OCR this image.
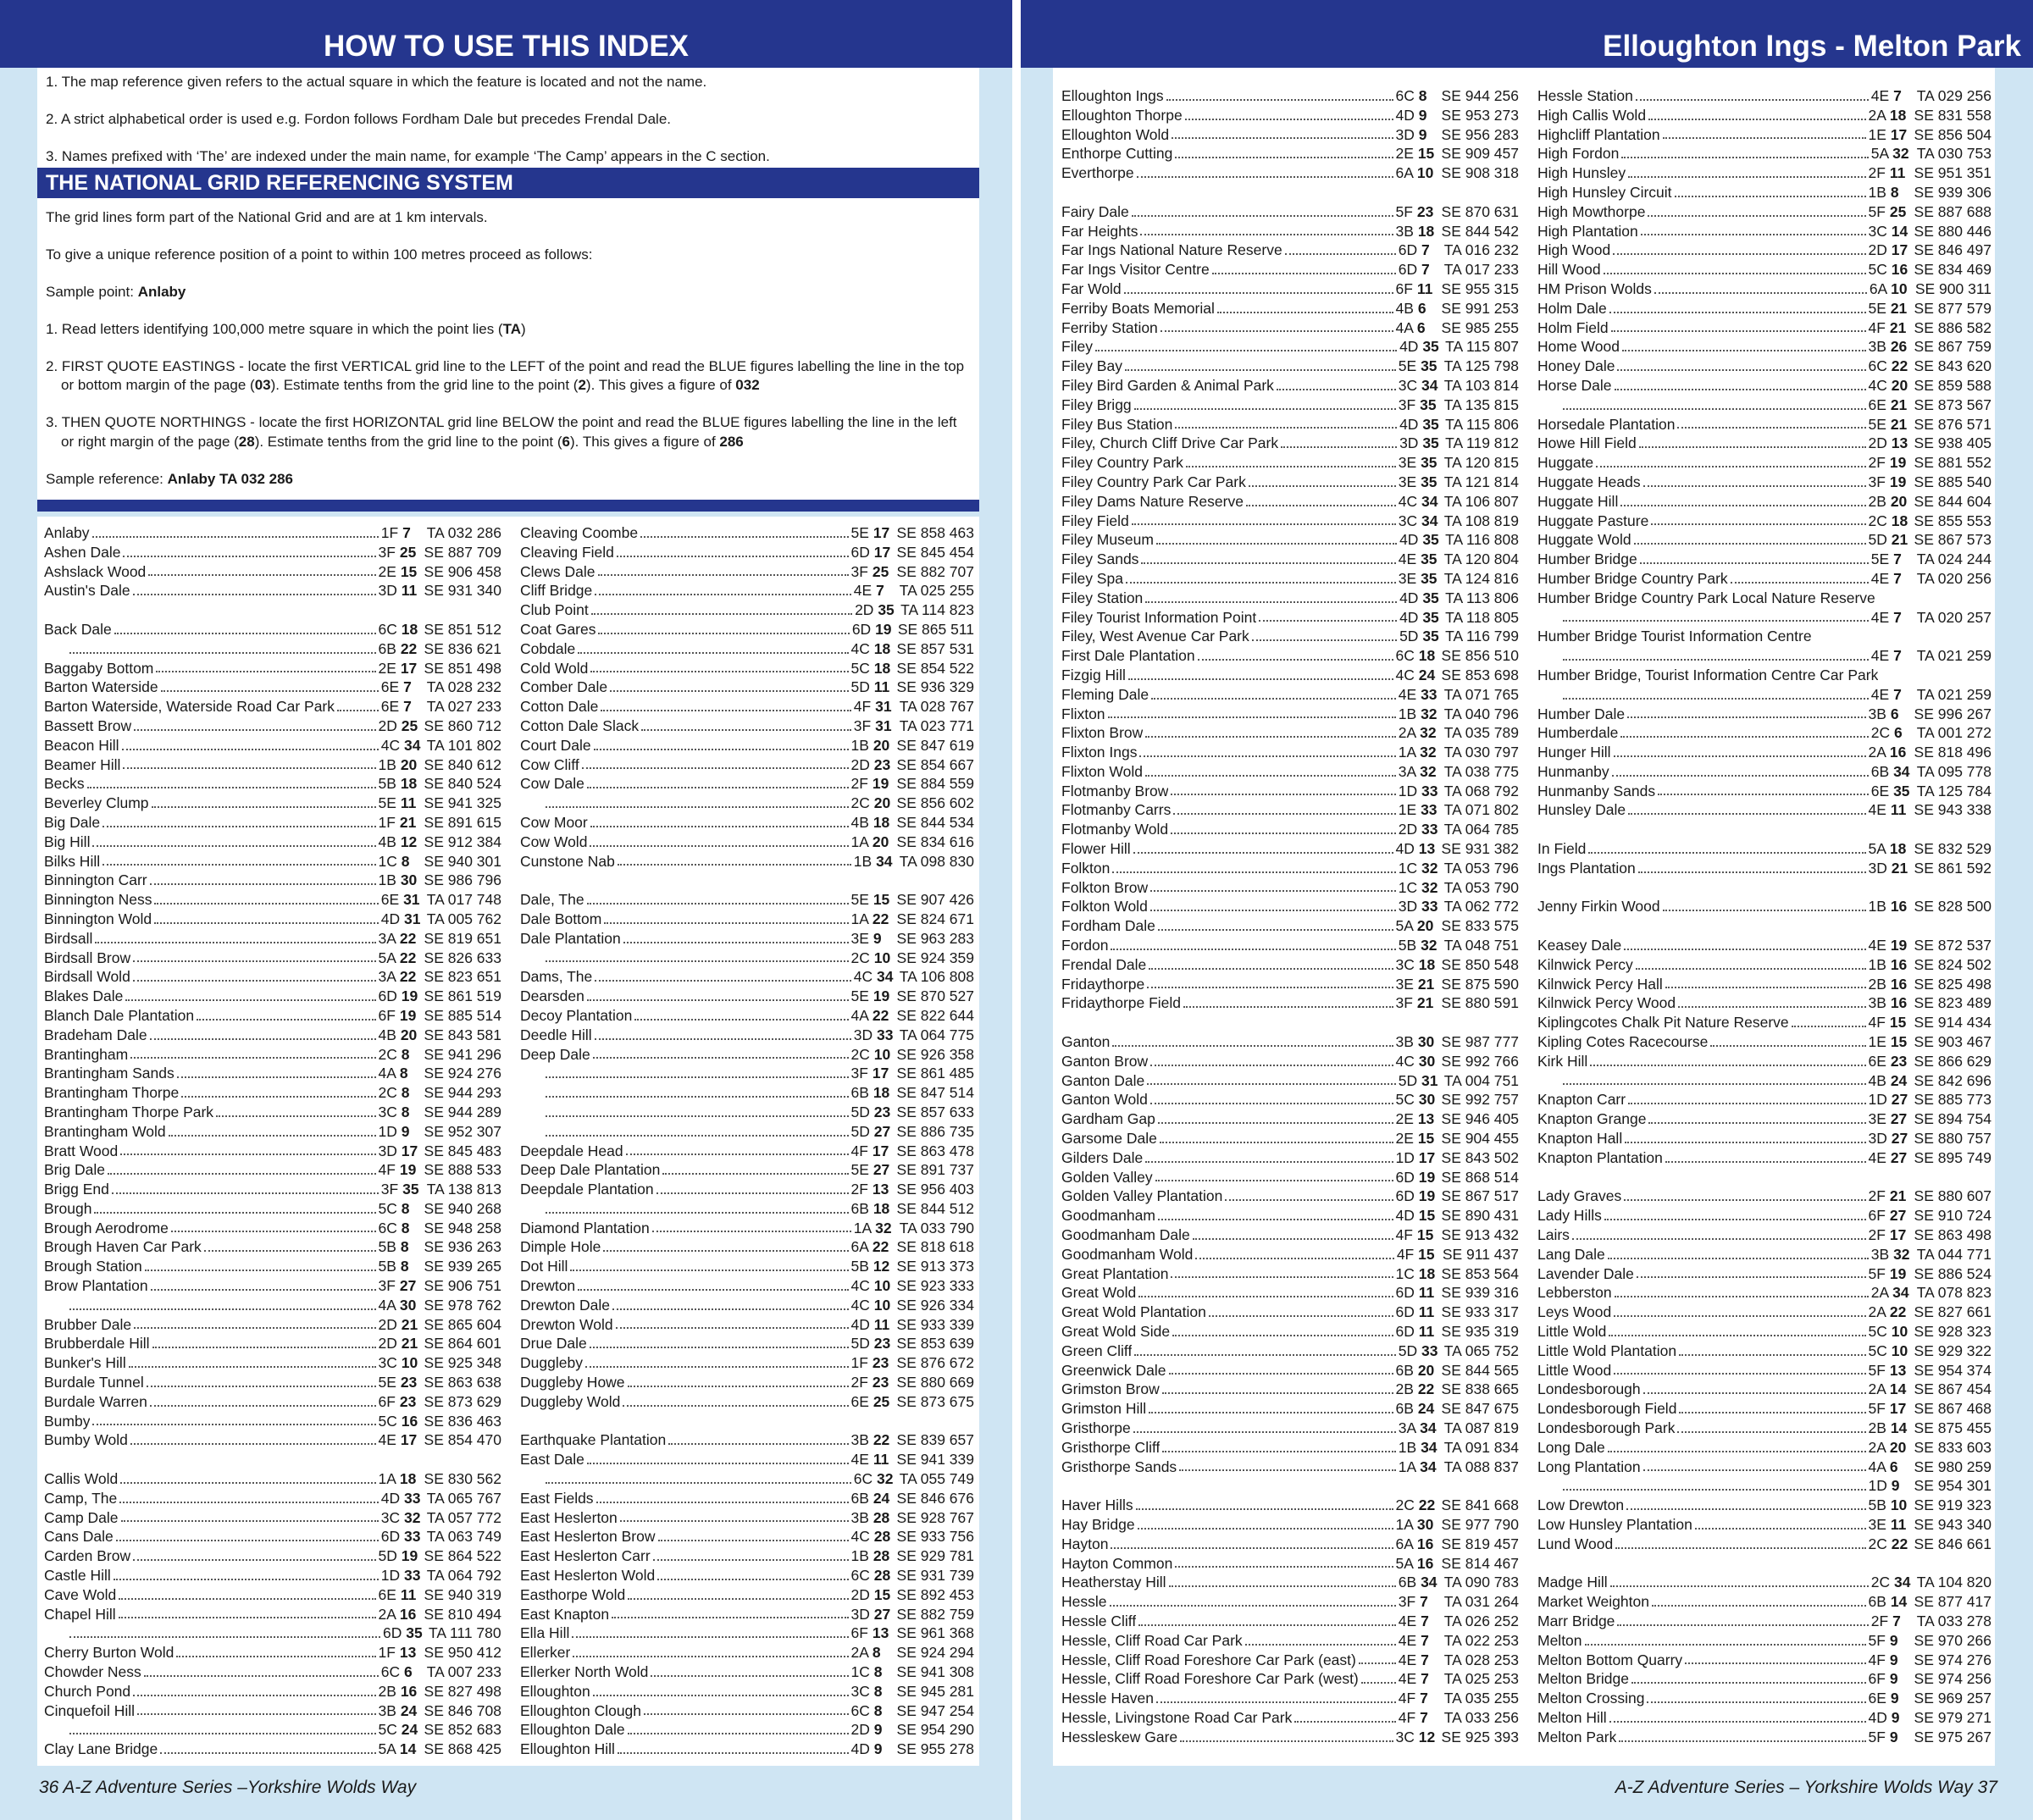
HOW TO USE THIS INDEX

1. The map reference given refers to the actual square in which the feature is located and not the name.

2. A strict alphabetical order is used e.g. Fordon follows Fordham Dale but precedes Frendal Dale.

3. Names prefixed with ‘The’ are indexed under the main name, for example ‘The Camp’ appears in the C section.

THE NATIONAL GRID REFERENCING SYSTEM

The grid lines form part of the National Grid and are at 1 km intervals.

To give a unique reference position of a point to within 100 metres proceed as follows:

Sample point: Anlaby

1. Read letters identifying 100,000 metre square in which the point lies (TA)

2. FIRST QUOTE EASTINGS - locate the first VERTICAL grid line to the LEFT of the point and read the BLUE figures labelling the line in the top or bottom margin of the page (03). Estimate tenths from the grid line to the point (2). This gives a figure of 032

3. THEN QUOTE NORTHINGS - locate the first HORIZONTAL grid line BELOW the point and read the BLUE figures labelling the line in the left or right margin of the page (28). Estimate tenths from the grid line to the point (6). This gives a figure of 286

Sample reference: Anlaby TA 032 286

Anlaby	1F 7	TA 032 286
Ashen Dale	3F 25 SE 887 709
Ashslack Wood	2E 15 SE 906 458
Austin's Dale	3D 11 SE 931 340
Back Dale	6C 18 SE 851 512
6B 22 SE 836 621
Baggaby Bottom	2E 17 SE 851 498
Barton Waterside	6E 7	TA 028 232
Barton Waterside, Waterside Road Car Park	6E 7	TA 027 233
Bassett Brow	2D 25 SE 860 712
Beacon Hill	4C 34 TA 101 802
Beamer Hill	1B 20 SE 840 612
Becks	5B 18 SE 840 524
Beverley Clump	5E 11 SE 941 325
Big Dale	1F 21 SE 891 615
Big Hill	4B 12 SE 912 384
Bilks Hill	1C 8 SE 940 301
Binnington Carr	1B 30 SE 986 796
Binnington Ness	6E 31 TA 017 748
Binnington Wold	4D 31 TA 005 762
Birdsall	3A 22 SE 819 651
Birdsall Brow	5A 22 SE 826 633
Birdsall Wold	3A 22 SE 823 651
Blakes Dale	6D 19 SE 861 519
Blanch Dale Plantation	6F 19 SE 885 514
Bradeham Dale	4B 20 SE 843 581
Brantingham	2C 8 SE 941 296
Brantingham Sands	4A 8	SE 924 276
Brantingham Thorpe	2C 8 SE 944 293
Brantingham Thorpe Park	3C 8 SE 944 289
Brantingham Wold	1D 9 SE 952 307
Bratt Wood	3D 17 SE 845 483
Brig Dale	4F 19 SE 888 533
Brigg End	3F 35 TA 138 813
Brough	5C 8 SE 940 268
Brough Aerodrome	6C 8 SE 948 258
Brough Haven Car Park	5B 8	SE 936 263
Brough Station	5B 8	SE 939 265
Brow Plantation	3F 27 SE 906 751
4A 30 SE 978 762
Brubber Dale	2D 21 SE 865 604
Brubberdale Hill	2D 21 SE 864 601
Bunker's Hill	3C 10 SE 925 348
Burdale Tunnel	5E 23 SE 863 638
Burdale Warren	6F 23 SE 873 629
Bumby	5C 16 SE 836 463
Bumby Wold	4E 17 SE 854 470
Callis Wold	1A 18 SE 830 562
Camp, The	4D 33 TA 065 767
Camp Dale	3C 32 TA 057 772
Cans Dale	6D 33 TA 063 749
Carden Brow	5D 19 SE 864 522
Castle Hill	1D 33 TA 064 792
Cave Wold	6E 11 SE 940 319
Chapel Hill	2A 16 SE 810 494
6D 35 TA 111 780
Cherry Burton Wold	1F 13 SE 950 412
Chowder Ness	6C 6 TA 007 233
Church Pond	2B 16 SE 827 498
Cinquefoil Hill	3B 24 SE 846 708
5C 24 SE 852 683
Clay Lane Bridge	5A 14 SE 868 425
Cleaving Coombe	5E 17 SE 858 463
Cleaving Field	6D 17 SE 845 454
Clews Dale	3F 25 SE 882 707
Cliff Bridge	4E 7	TA 025 255
Club Point	2D 35 TA 114 823
Coat Gares	6D 19 SE 865 511
Cobdale	4C 18 SE 857 531
Cold Wold	5C 18 SE 854 522
Comber Dale	5D 11 SE 936 329
Cotton Dale	4F 31 TA 028 767
Cotton Dale Slack	3F 31 TA 023 771
Court Dale	1B 20 SE 847 619
Cow Cliff	2D 23 SE 854 667
Cow Dale	2F 19 SE 884 559
2C 20 SE 856 602
Cow Moor	4B 18 SE 844 534
Cow Wold	1A 20 SE 834 616
Cunstone Nab	1B 34 TA 098 830
Dale, The	5E 15 SE 907 426
Dale Bottom	1A 22 SE 824 671
Dale Plantation	3E 9	SE 963 283
2C 10 SE 924 359
Dams, The	4C 34 TA 106 808
Dearsden	5E 19 SE 870 527
Decoy Plantation	4A 22 SE 822 644
Deedle Hill	3D 33 TA 064 775
Deep Dale	2C 10 SE 926 358
3F 17 SE 861 485
6B 18 SE 847 514
5D 23 SE 857 633
5D 27 SE 886 735
Deepdale Head	4F 17 SE 863 478
Deep Dale Plantation	5E 27 SE 891 737
Deepdale Plantation	2F 13 SE 956 403
6B 18 SE 844 512
Diamond Plantation	1A 32 TA 033 790
Dimple Hole	6A 22 SE 818 618
Dot Hill	5B 12 SE 913 373
Drewton	4C 10 SE 923 333
Drewton Dale	4C 10 SE 926 334
Drewton Wold	4D 11 SE 933 339
Drue Dale	5D 23 SE 853 639
Duggleby	1F 23 SE 876 672
Duggleby Howe	2F 23 SE 880 669
Duggleby Wold	6E 25 SE 873 675
Earthquake Plantation	3B 22 SE 839 657
East Dale	4E 11 SE 941 339
6C 32 TA 055 749
East Fields	6B 24 SE 846 676
East Heslerton	3B 28 SE 928 767
East Heslerton Brow	4C 28 SE 933 756
East Heslerton Carr	1B 28 SE 929 781
East Heslerton Wold	6C 28 SE 931 739
Easthorpe Wold	2D 15 SE 892 453
East Knapton	3D 27 SE 882 759
Ella Hill	6F 13 SE 961 368
Ellerker	2A 8	SE 924 294
Ellerker North Wold	1C 8 SE 941 308
Elloughton	3C 8 SE 945 281
Elloughton Clough	6C 8 SE 947 254
Elloughton Dale	2D 9 SE 954 290
Elloughton Hill	4D 9 SE 955 278
36 A-Z Adventure Series –Yorkshire Wolds Way
Elloughton Ings - Melton Park
Elloughton Ings	6C 8 SE 944 256
Elloughton Thorpe	4D 9 SE 953 273
Elloughton Wold	3D 9 SE 956 283
Enthorpe Cutting	2E 15 SE 909 457
Everthorpe	6A 10 SE 908 318
Fairy Dale	5F 23 SE 870 631
Far Heights	3B 18 SE 844 542
Far Ings National Nature Reserve	6D 7 TA 016 232
Far Ings Visitor Centre	6D 7 TA 017 233
Far Wold	6F 11 SE 955 315
Ferriby Boats Memorial	4B 6	SE 991 253
Ferriby Station	4A 6	SE 985 255
Filey	4D 35 TA 115 807
Filey Bay	5E 35 TA 125 798
Filey Bird Garden & Animal Park	3C 34 TA 103 814
Filey Brigg	3F 35 TA 135 815
Filey Bus Station	4D 35 TA 115 806
Filey, Church Cliff Drive Car Park	3D 35 TA 119 812
Filey Country Park	3E 35 TA 120 815
Filey Country Park Car Park	3E 35 TA 121 814
Filey Dams Nature Reserve	4C 34 TA 106 807
Filey Field	3C 34 TA 108 819
Filey Museum	4D 35 TA 116 808
Filey Sands	4E 35 TA 120 804
Filey Spa	3E 35 TA 124 816
Filey Station	4D 35 TA 113 806
Filey Tourist Information Point	4D 35 TA 118 805
Filey, West Avenue Car Park	5D 35 TA 116 799
First Dale Plantation	6C 18 SE 856 510
Fizgig Hill	4C 24 SE 853 698
Fleming Dale	4E 33 TA 071 765
Flixton	1B 32 TA 040 796
Flixton Brow	2A 32 TA 035 789
Flixton Ings	1A 32 TA 030 797
Flixton Wold	3A 32 TA 038 775
Flotmanby Brow	1D 33 TA 068 792
Flotmanby Carrs	1E 33 TA 071 802
Flotmanby Wold	2D 33 TA 064 785
Flower Hill	4D 13 SE 931 382
Folkton	1C 32 TA 053 796
Folkton Brow	1C 32 TA 053 790
Folkton Wold	3D 33 TA 062 772
Fordham Dale	5A 20 SE 833 575
Fordon	5B 32 TA 048 751
Frendal Dale	3C 18 SE 850 548
Fridaythorpe	3E 21 SE 875 590
Fridaythorpe Field	3F 21 SE 880 591
Ganton	3B 30 SE 987 777
Ganton Brow	4C 30 SE 992 766
Ganton Dale	5D 31 TA 004 751
Ganton Wold	5C 30 SE 992 757
Gardham Gap	2E 13 SE 946 405
Garsome Dale	2E 15 SE 904 455
Gilders Dale	1D 17 SE 843 502
Golden Valley	6D 19 SE 868 514
Golden Valley Plantation	6D 19 SE 867 517
Goodmanham	4D 15 SE 890 431
Goodmanham Dale	4F 15 SE 913 432
Goodmanham Wold	4F 15 SE 911 437
Great Plantation	1C 18 SE 853 564
Great Wold	6D 11 SE 939 316
Great Wold Plantation	6D 11 SE 933 317
Great Wold Side	6D 11 SE 935 319
Green Cliff	5D 33 TA 065 752
Greenwick Dale	6B 20 SE 844 565
Grimston Brow	2B 22 SE 838 665
Grimston Hill	6B 24 SE 847 675
Gristhorpe	3A 34 TA 087 819
Gristhorpe Cliff	1B 34 TA 091 834
Gristhorpe Sands	1A 34 TA 088 837
Haver Hills	2C 22 SE 841 668
Hay Bridge	1A 30 SE 977 790
Hayton	6A 16 SE 819 457
Hayton Common	5A 16 SE 814 467
Heatherstay Hill	6B 34 TA 090 783
Hessle	3F 7	TA 031 264
Hessle Cliff	4E 7	TA 026 252
Hessle, Cliff Road Car Park	4E 7	TA 022 253
Hessle, Cliff Road Foreshore Car Park (east)	4E 7	TA 028 253
Hessle, Cliff Road Foreshore Car Park (west)	4E 7	TA 025 253
Hessle Haven	4F 7	TA 035 255
Hessle, Livingstone Road Car Park	4F 7	TA 033 256
Hessleskew Gare	3C 12 SE 925 393
Hessle Station	4E 7	TA 029 256
High Callis Wold	2A 18 SE 831 558
Highcliff Plantation	1E 17 SE 856 504
High Fordon	5A 32 TA 030 753
High Hunsley	2F 11 SE 951 351
High Hunsley Circuit	1B 8	SE 939 306
High Mowthorpe	5F 25 SE 887 688
High Plantation	3C 14 SE 880 446
High Wood	2D 17 SE 846 497
Hill Wood	5C 16 SE 834 469
HM Prison Wolds	6A 10 SE 900 311
Holm Dale	5E 21 SE 877 579
Holm Field	4F 21 SE 886 582
Home Wood	3B 26 SE 867 759
Honey Dale	6C 22 SE 843 620
Horse Dale	4C 20 SE 859 588
6E 21 SE 873 567
Horsedale Plantation	5E 21 SE 876 571
Howe Hill Field	2D 13 SE 938 405
Huggate	2F 19 SE 881 552
Huggate Heads	3F 19 SE 885 540
Huggate Hill	2B 20 SE 844 604
Huggate Pasture	2C 18 SE 855 553
Huggate Wold	5D 21 SE 867 573
Humber Bridge	5E 7	TA 024 244
Humber Bridge Country Park	4E 7	TA 020 256
Humber Bridge Country Park Local Nature Reserve
4E 7	TA 020 257
Humber Bridge Tourist Information Centre
4E 7	TA 021 259
Humber Bridge, Tourist Information Centre Car Park
4E 7	TA 021 259
Humber Dale	3B 6	SE 996 267
Humberdale	2C 6 TA 001 272
Hunger Hill	2A 16 SE 818 496
Hunmanby	6B 34 TA 095 778
Hunmanby Sands	6E 35 TA 125 784
Hunsley Dale	4E 11 SE 943 338
In Field	5A 18 SE 832 529
Ings Plantation	3D 21 SE 861 592
Jenny Firkin Wood	1B 16 SE 828 500
Keasey Dale	4E 19 SE 872 537
Kilnwick Percy	1B 16 SE 824 502
Kilnwick Percy Hall	2B 16 SE 825 498
Kilnwick Percy Wood	3B 16 SE 823 489
Kiplingcotes Chalk Pit Nature Reserve	4F 15 SE 914 434
Kipling Cotes Racecourse	1E 15 SE 903 467
Kirk Hill	6E 23 SE 866 629
4B 24 SE 842 696
Knapton Carr	1D 27 SE 885 773
Knapton Grange	3E 27 SE 894 754
Knapton Hall	3D 27 SE 880 757
Knapton Plantation	4E 27 SE 895 749
Lady Graves	2F 21 SE 880 607
Lady Hills	6F 27 SE 910 724
Lairs	2F 17 SE 863 498
Lang Dale	3B 32 TA 044 771
Lavender Dale	5F 19 SE 886 524
Lebberston	2A 34 TA 078 823
Leys Wood	2A 22 SE 827 661
Little Wold	5C 10 SE 928 323
Little Wold Plantation	5C 10 SE 929 322
Little Wood	5F 13 SE 954 374
Londesborough	2A 14 SE 867 454
Londesborough Field	5F 17 SE 867 468
Londesborough Park	2B 14 SE 875 455
Long Dale	2A 20 SE 833 603
Long Plantation	4A 6	SE 980 259
1D 9 SE 954 301
Low Drewton	5B 10 SE 919 323
Low Hunsley Plantation	3E 11 SE 943 340
Lund Wood	2C 22 SE 846 661
Madge Hill	2C 34 TA 104 820
Market Weighton	6B 14 SE 877 417
Marr Bridge	2F 7	TA 033 278
Melton	5F 9	SE 970 266
Melton Bottom Quarry	4F 9	SE 974 276
Melton Bridge	6F 9	SE 974 256
Melton Crossing	6E 9	SE 969 257
Melton Hill	4D 9 SE 979 271
Melton Park	5F 9	SE 975 267
A-Z Adventure Series – Yorkshire Wolds Way 37
